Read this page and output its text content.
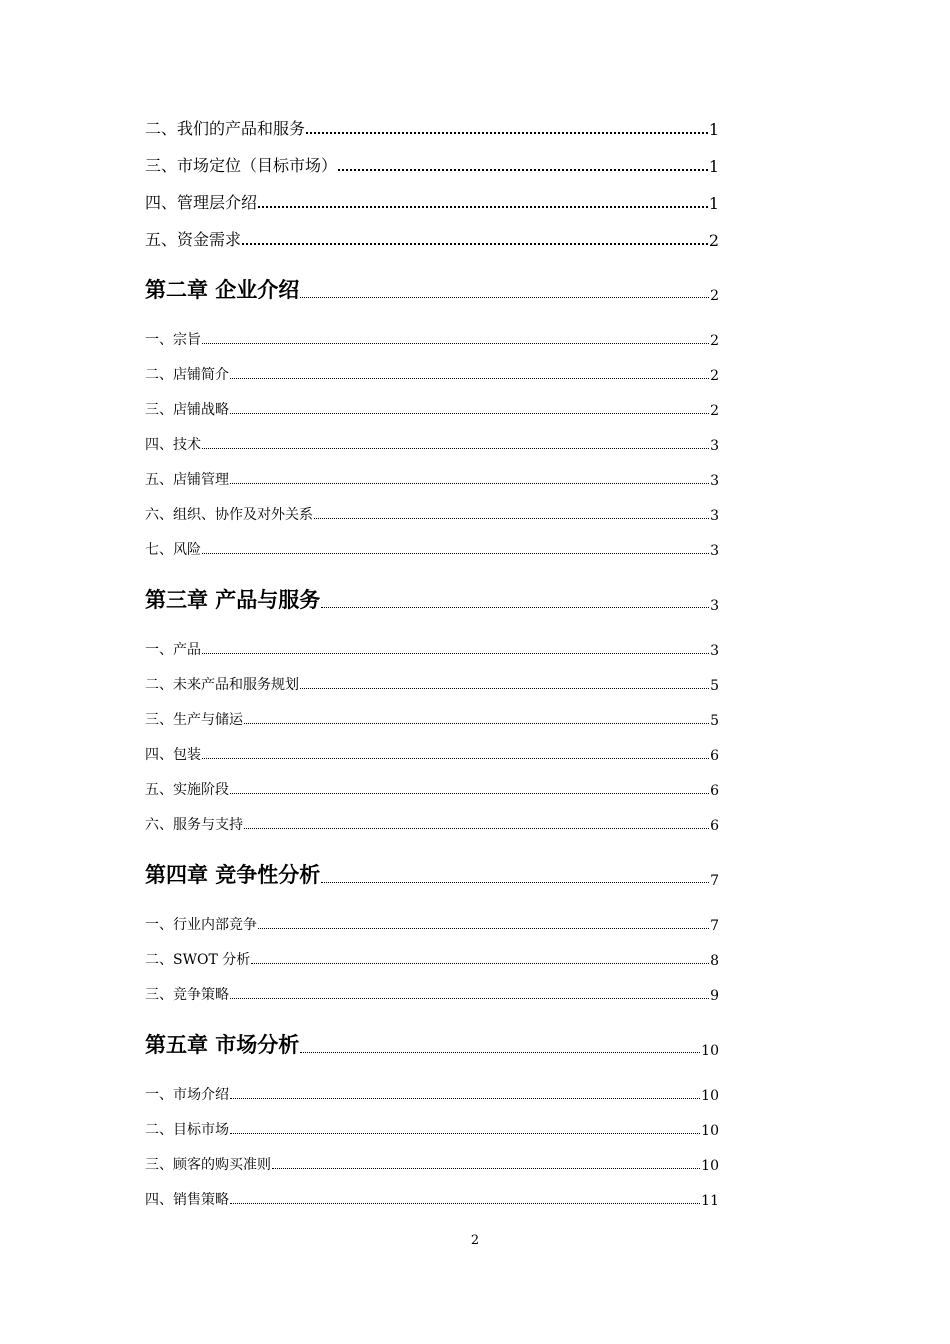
二、我们的产品和服务	1
三、市场定位（目标市场）	1
四、管理层介绍	1
五、资金需求	2
第二章 企业介绍	2
一、宗旨	2
二、店铺简介	2
三、店铺战略	2
四、技术	3
五、店铺管理	3
六、组织、协作及对外关系	3
七、风险	3
第三章 产品与服务	3
一、产品	3
二、未来产品和服务规划	5
三、生产与储运	5
四、包装	6
五、实施阶段	6
六、服务与支持	6
第四章 竞争性分析	7
一、行业内部竞争	7
二、SWOT 分析	8
三、竞争策略	9
第五章 市场分析	10
一、市场介绍	10
二、目标市场	10
三、顾客的购买准则	10
四、销售策略	11
2
